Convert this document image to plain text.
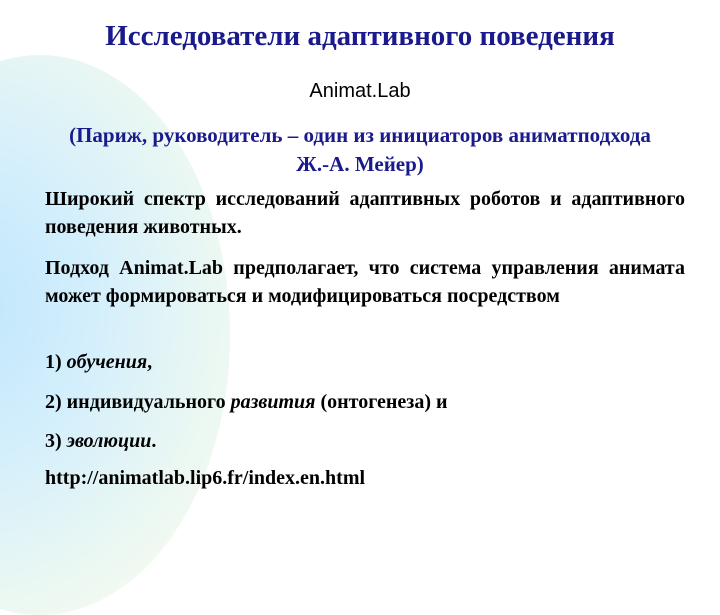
Исследователи адаптивного поведения
Animat.Lab
(Париж, руководитель – один из инициаторов аниматподхода Ж.-А. Мейер)
Широкий спектр исследований адаптивных роботов и адаптивного поведения животных.
Подход Animat.Lab предполагает, что система управления анимата может формироваться и модифицироваться посредством
1) обучения,
2) индивидуального развития (онтогенеза) и
3) эволюции.
http://animatlab.lip6.fr/index.en.html
